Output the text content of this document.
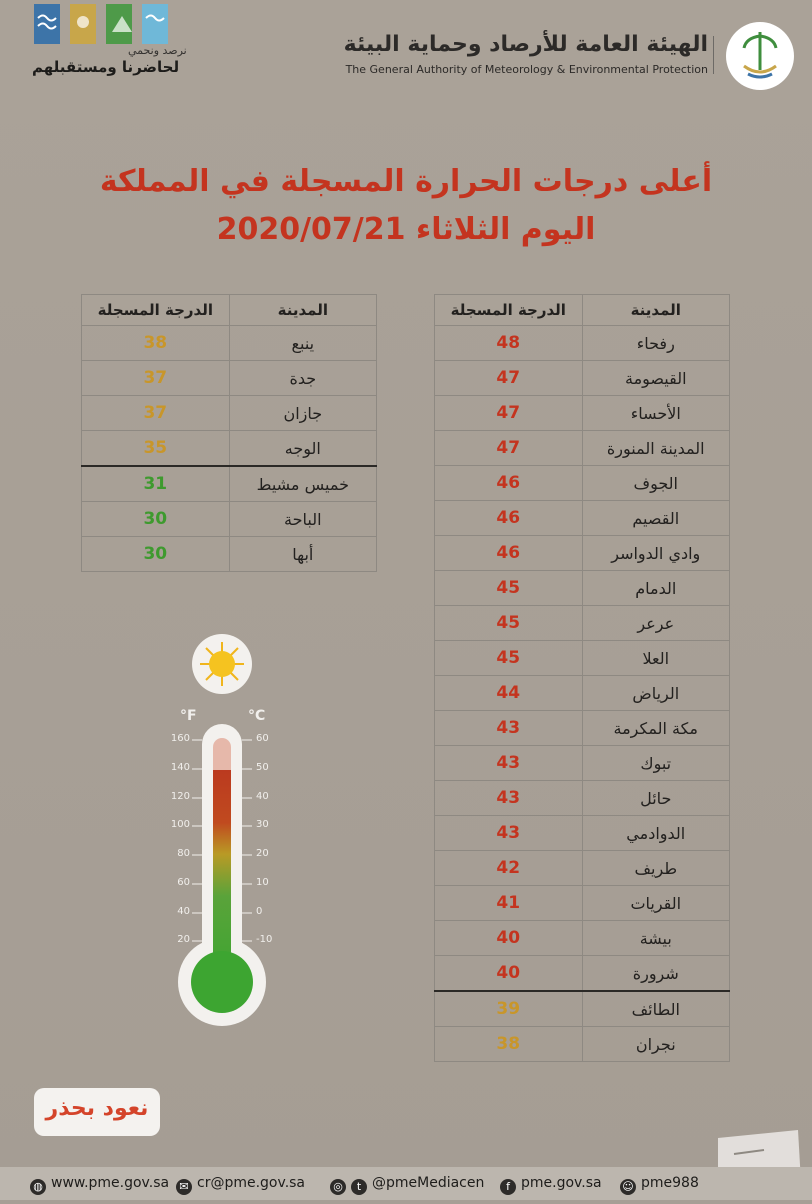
نرصد ونحمي
لحاضرنا ومستقبلهم
الهيئة العامة للأرصاد وحماية البيئة
The General Authority of Meteorology & Environmental Protection
أعلى درجات الحرارة المسجلة في المملكة
اليوم الثلاثاء 2020/07/21
المدينة	الدرجة المسجلة
رفحاء	48
القيصومة	47
الأحساء	47
المدينة المنورة	47
الجوف	46
القصيم	46
وادي الدواسر	46
الدمام	45
عرعر	45
العلا	45
الرياض	44
مكة المكرمة	43
تبوك	43
حائل	43
الدوادمي	43
طريف	42
القريات	41
بيشة	40
شرورة	40
الطائف	39
نجران	38
المدينة	الدرجة المسجلة
ينبع	38
جدة	37
جازان	37
الوجه	35
خميس مشيط	31
الباحة	30
أبها	30
°F	°C
160
140
120
100
80
60
40
20
60
50
40
30
20
10
0
-10
نعود بحذر
◍ www.pme.gov.sa ✉ cr@pme.gov.sa	◎ t @pmeMediacen	f pme.gov.sa ☺ pme988
